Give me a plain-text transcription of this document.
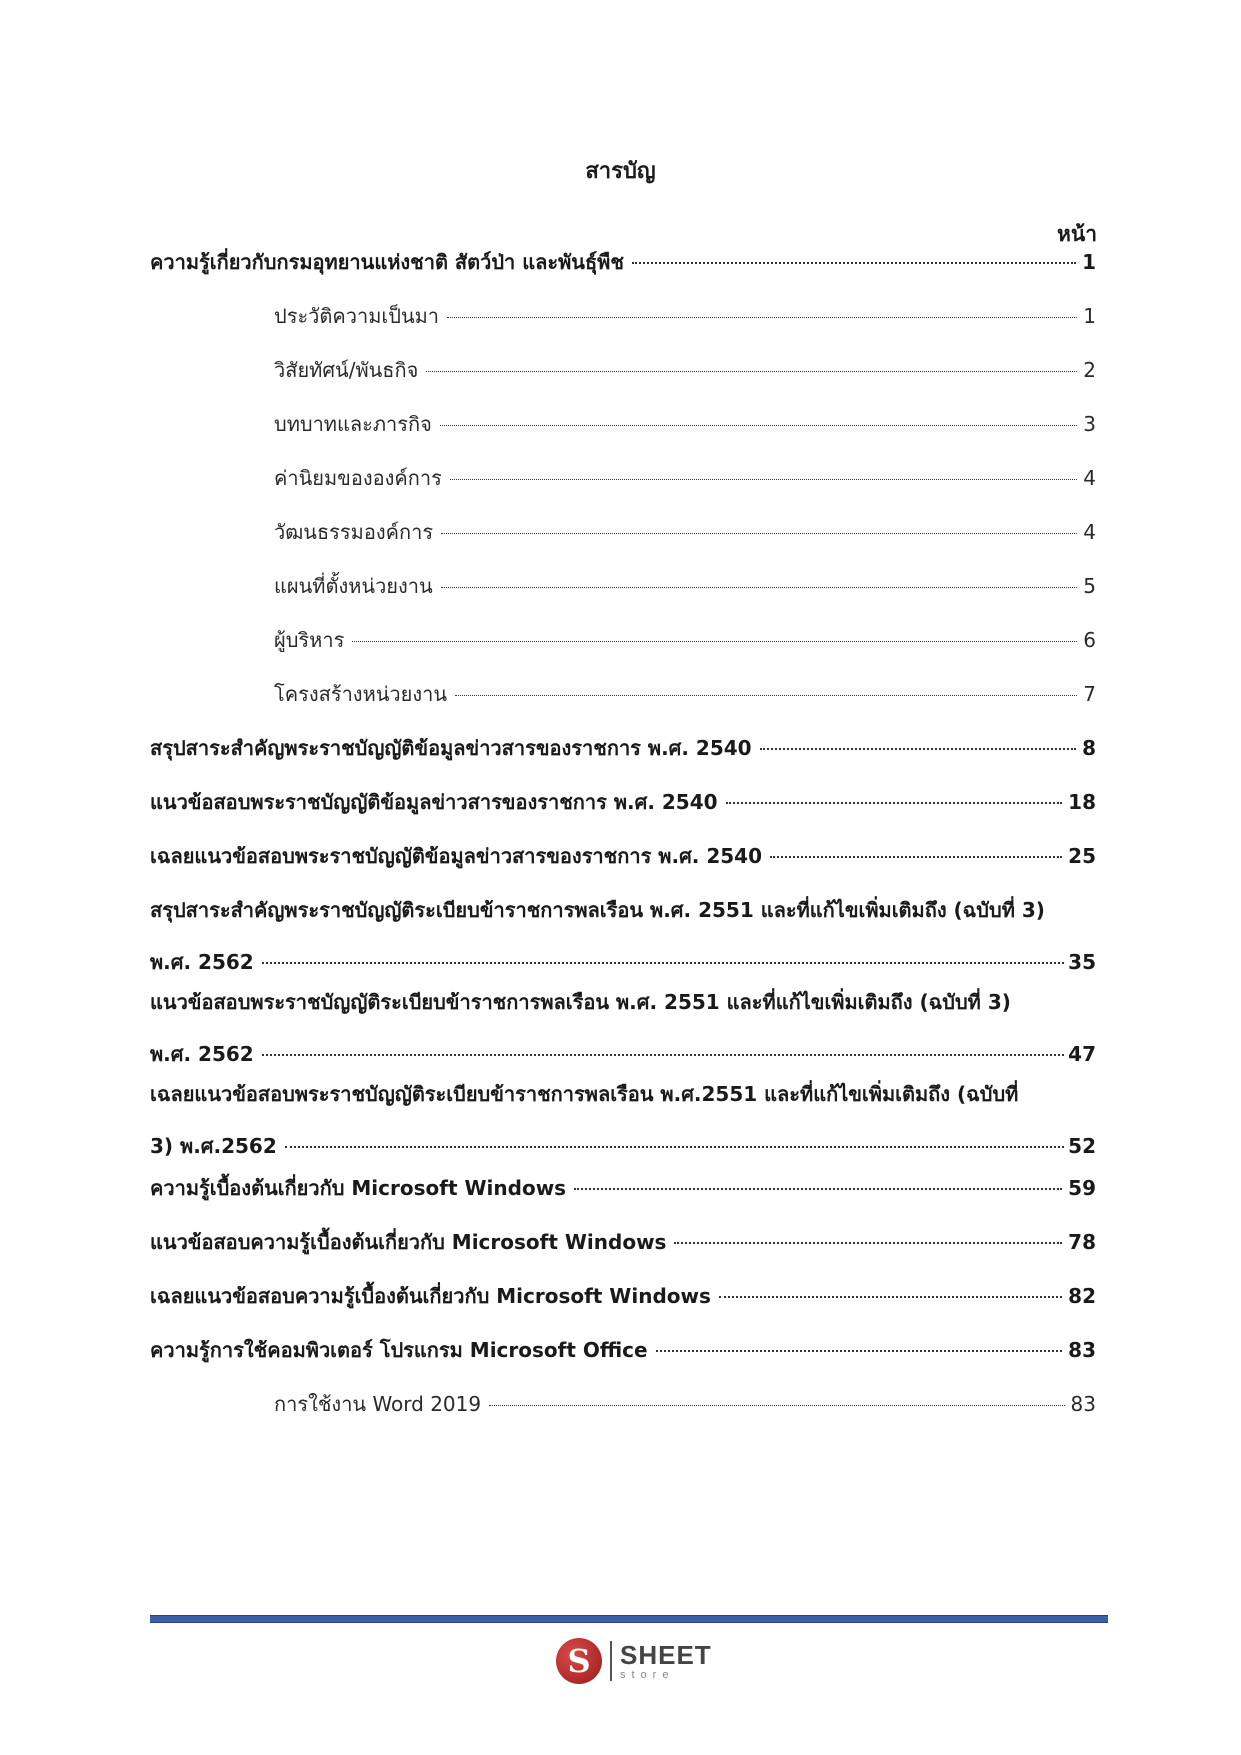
สารบัญ
หน้า
ความรู้เกี่ยวกับกรมอุทยานแห่งชาติ สัตว์ป่า และพันธุ์พืช	1
ประวัติความเป็นมา	1
วิสัยทัศน์/พันธกิจ	2
บทบาทและภารกิจ	3
ค่านิยมขององค์การ	4
วัฒนธรรมองค์การ	4
แผนที่ตั้งหน่วยงาน	5
ผู้บริหาร	6
โครงสร้างหน่วยงาน	7
สรุปสาระสำคัญพระราชบัญญัติข้อมูลข่าวสารของราชการ พ.ศ. 2540	8
แนวข้อสอบพระราชบัญญัติข้อมูลข่าวสารของราชการ พ.ศ. 2540	18
เฉลยแนวข้อสอบพระราชบัญญัติข้อมูลข่าวสารของราชการ พ.ศ. 2540	25
สรุปสาระสำคัญพระราชบัญญัติระเบียบข้าราชการพลเรือน พ.ศ. 2551 และที่แก้ไขเพิ่มเติมถึง (ฉบับที่ 3)
พ.ศ. 2562	35
แนวข้อสอบพระราชบัญญัติระเบียบข้าราชการพลเรือน พ.ศ. 2551 และที่แก้ไขเพิ่มเติมถึง (ฉบับที่ 3)
พ.ศ. 2562	47
เฉลยแนวข้อสอบพระราชบัญญัติระเบียบข้าราชการพลเรือน พ.ศ.2551 และที่แก้ไขเพิ่มเติมถึง (ฉบับที่
3) พ.ศ.2562	52
ความรู้เบื้องต้นเกี่ยวกับ Microsoft Windows	59
แนวข้อสอบความรู้เบื้องต้นเกี่ยวกับ Microsoft Windows	78
เฉลยแนวข้อสอบความรู้เบื้องต้นเกี่ยวกับ Microsoft Windows	82
ความรู้การใช้คอมพิวเตอร์ โปรแกรม Microsoft Office	83
การใช้งาน Word 2019	83
S
SHEET
store
